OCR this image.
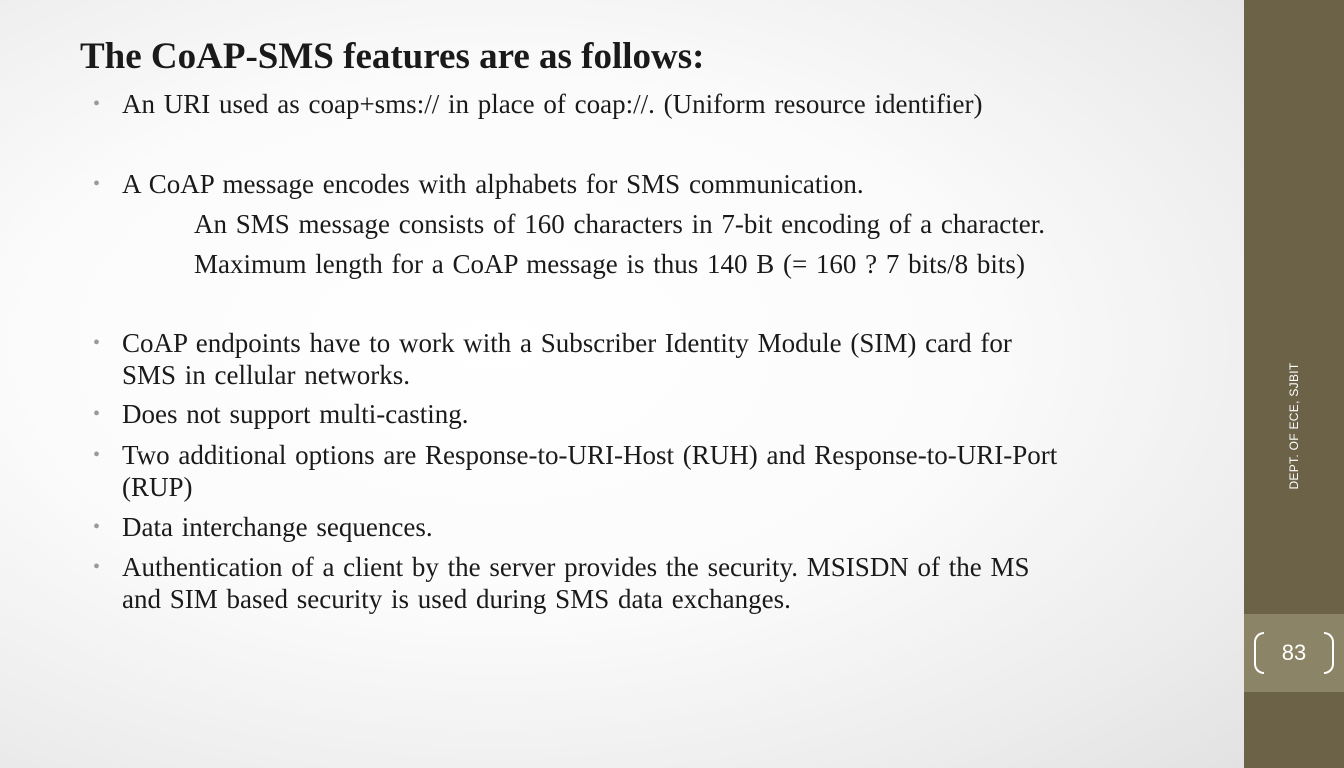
The CoAP-SMS features are as follows:
• An URI used as coap+sms:// in place of coap://. (Uniform resource identifier)
• A CoAP message encodes with alphabets for SMS communication.
An SMS message consists of 160 characters in 7-bit encoding of a character.
Maximum length for a CoAP message is thus 140 B (= 160 ? 7 bits/8 bits)
• CoAP endpoints have to work with a Subscriber Identity Module (SIM) card for
SMS in cellular networks.
• Does not support multi-casting.
• Two additional options are Response-to-URI-Host (RUH) and Response-to-URI-Port
(RUP)
• Data interchange sequences.
• Authentication of a client by the server provides the security. MSISDN of the MS
and SIM based security is used during SMS data exchanges.
DEPT. OF ECE, SJBIT
83
